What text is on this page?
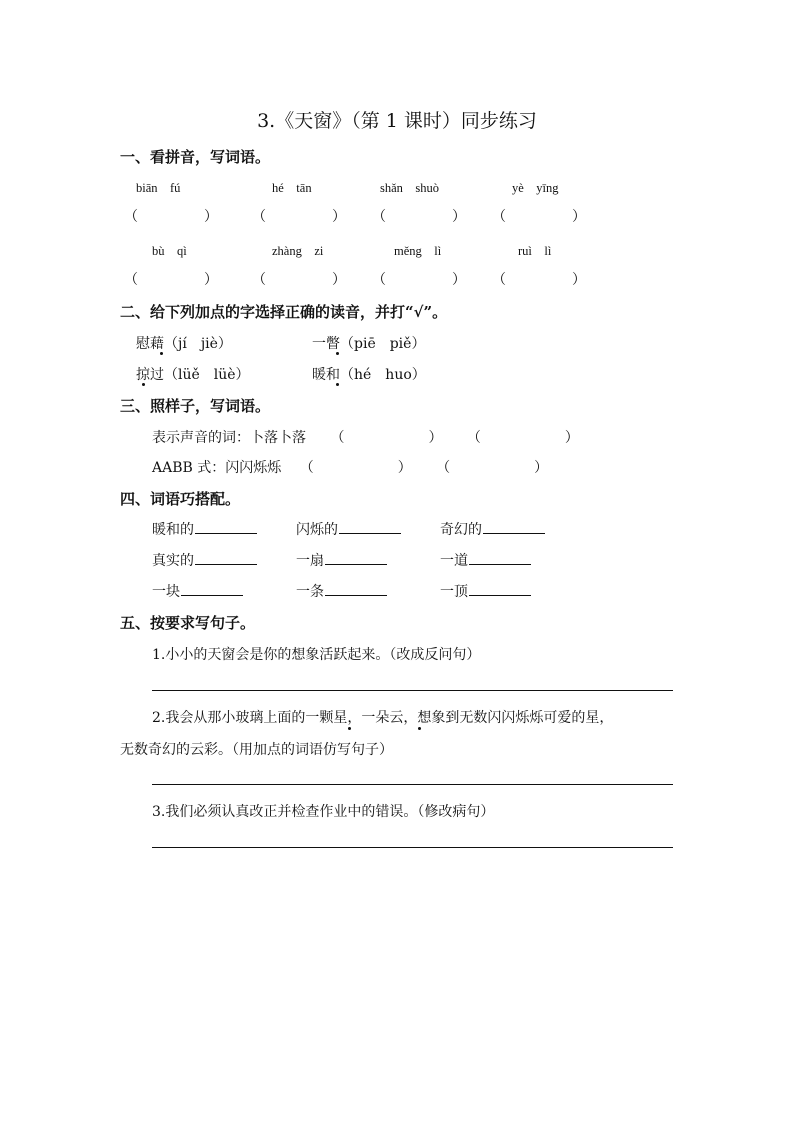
3.《天窗》（第 1 课时）同步练习
一、看拼音，写词语。
biān　fú	hé　tān	shǎn　shuò	yè　yīng
（	） （	） （	） （	）
bù　qì	zhàng　zi	měng　lì	ruì　lì
（	） （	） （	） （	）
二、给下列加点的字选择正确的读音，并打“√”。
慰藉（jí　jiè）	一瞥（piē　piě）
掠过（lüě　lüè）	暖和（hé　huo）
三、照样子，写词语。
表示声音的词：卜落卜落 （	） （	）
AABB 式：闪闪烁烁 （	） （	）
四、词语巧搭配。
暖和的	闪烁的	奇幻的
真实的	一扇	一道
一块	一条	一顶
五、按要求写句子。
1.小小的天窗会是你的想象活跃起来。（改成反问句）
2.我会从那小玻璃上面的一颗星，一朵云，想象到无数闪闪烁烁可爱的星，
无数奇幻的云彩。（用加点的词语仿写句子）
3.我们必须认真改正并检查作业中的错误。（修改病句）
